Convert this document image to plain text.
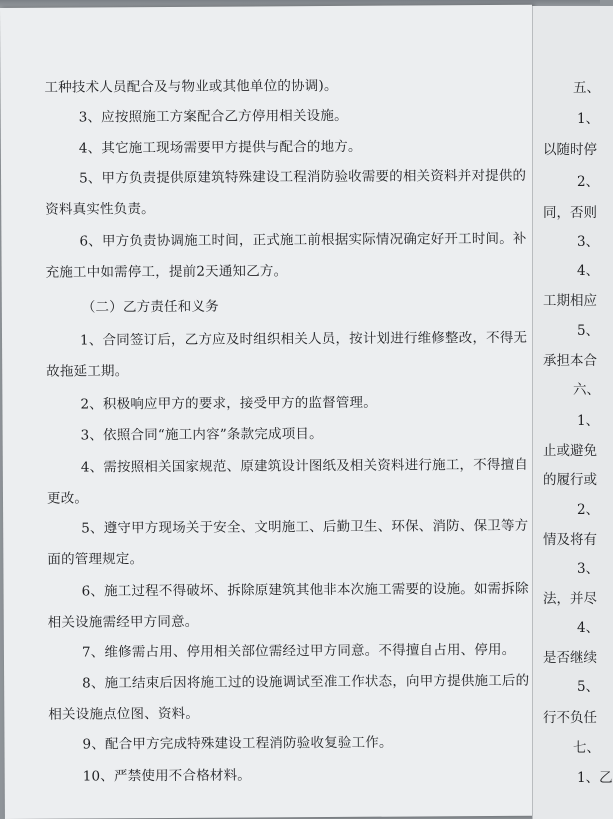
工种技术人员配合及与物业或其他单位的协调)。
3、应按照施工方案配合乙方停用相关设施。
4、其它施工现场需要甲方提供与配合的地方。
5、甲方负责提供原建筑特殊建设工程消防验收需要的相关资料并对提供的
资料真实性负责。
6、甲方负责协调施工时间，正式施工前根据实际情况确定好开工时间。补
充施工中如需停工，提前2天通知乙方。
（二）乙方责任和义务
1、合同签订后，乙方应及时组织相关人员，按计划进行维修整改，不得无
故拖延工期。
2、积极响应甲方的要求，接受甲方的监督管理。
3、依照合同“施工内容”条款完成项目。
4、需按照相关国家规范、原建筑设计图纸及相关资料进行施工，不得擅自
更改。
5、遵守甲方现场关于安全、文明施工、后勤卫生、环保、消防、保卫等方
面的管理规定。
6、施工过程不得破坏、拆除原建筑其他非本次施工需要的设施。如需拆除
相关设施需经甲方同意。
7、维修需占用、停用相关部位需经过甲方同意。不得擅自占用、停用。
8、施工结束后因将施工过的设施调试至准工作状态，向甲方提供施工后的
相关设施点位图、资料。
9、配合甲方完成特殊建设工程消防验收复验工作。
10、严禁使用不合格材料。
五、
1、
以随时停
2、
同，否则
3、
4、
工期相应
5、
承担本合
六、
1、
止或避免
的履行或
2、
情及将有
3、
法，并尽
4、
是否继续
5、
行不负任
七、
1、乙
